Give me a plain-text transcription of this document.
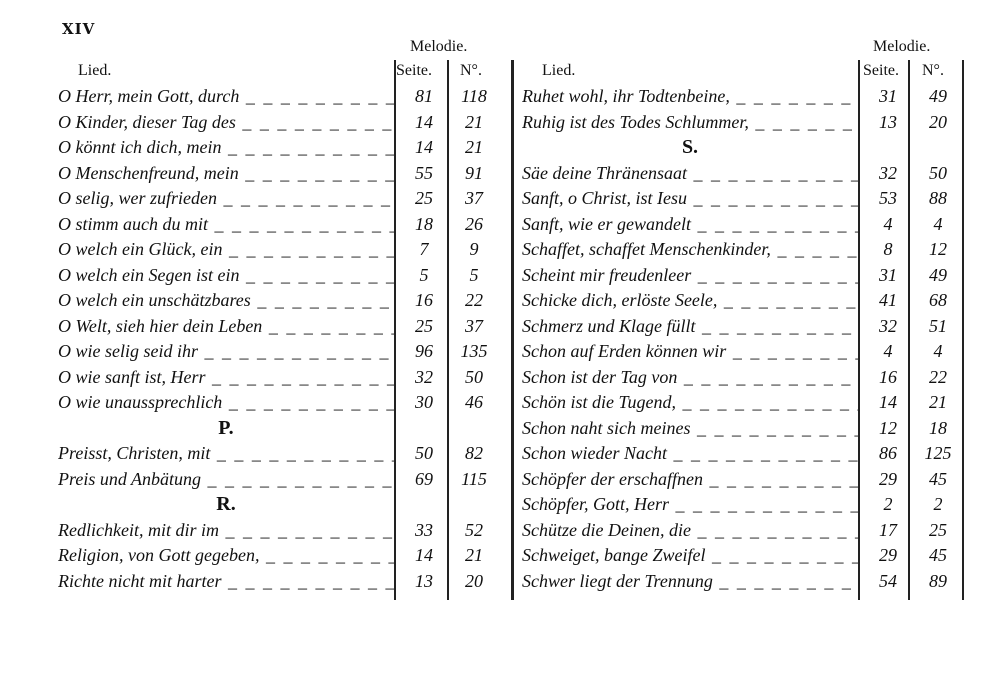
XIV
Melodie.
Lied.	Seite. N°.
O Herr, mein Gott, durch _ _	81	118
O Kinder, dieser Tag des _ _	14	21
O könnt ich dich, mein _ _	14	21
O Menschenfreund, mein _ _	55	91
O selig, wer zufrieden _ _	25	37
O stimm auch du mit _ _	18	26
O welch ein Glück, ein _ _	7	9
O welch ein Segen ist ein _ _	5	5
O welch ein unschätzbares _ _	16	22
O Welt, sieh hier dein Leben _ _	25	37
O wie selig seid ihr _ _	96	135
O wie sanft ist, Herr _ _	32	50
O wie unaussprechlich _ _	30	46
P.
Preisst, Christen, mit _ _	50	82
Preis und Anbätung _ _	69	115
R.
Redlichkeit, mit dir im _ _	33	52
Religion, von Gott gegeben, _ _	14	21
Richte nicht mit harter _ _	13	20
Melodie.
Lied.	Seite. N°.
Ruhet wohl, ihr Todtenbeine, _ _	31	49
Ruhig ist des Todes Schlummer, _ _	13	20
S.
Säe deine Thränensaat _ _	32	50
Sanft, o Christ, ist Iesu _ _	53	88
Sanft, wie er gewandelt _ _	4	4
Schaffet, schaffet Menschenkinder, _ _	8	12
Scheint mir freudenleer _ _	31	49
Schicke dich, erlöste Seele, _ _	41	68
Schmerz und Klage füllt _ _	32	51
Schon auf Erden können wir _ _	4	4
Schon ist der Tag von _ _	16	22
Schön ist die Tugend, _ _	14	21
Schon naht sich meines _ _	12	18
Schon wieder Nacht _ _	86	125
Schöpfer der erschaffnen _ _	29	45
Schöpfer, Gott, Herr _ _	2	2
Schütze die Deinen, die _ _	17	25
Schweiget, bange Zweifel _ _	29	45
Schwer liegt der Trennung _ _	54	89
